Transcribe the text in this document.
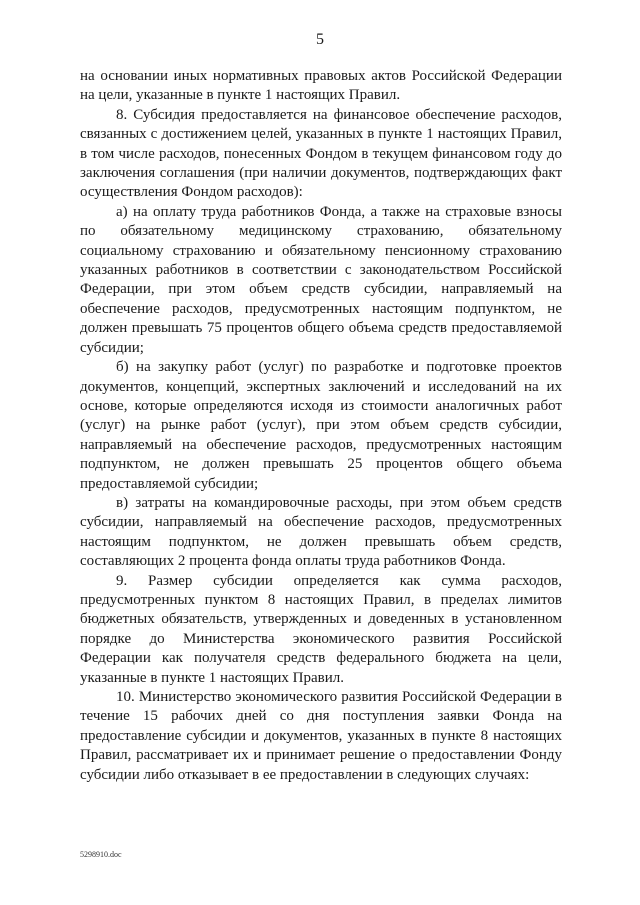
5

на основании иных нормативных правовых актов Российской Федерации на цели, указанные в пункте 1 настоящих Правил.

8. Субсидия предоставляется на финансовое обеспечение расходов, связанных с достижением целей, указанных в пункте 1 настоящих Правил, в том числе расходов, понесенных Фондом в текущем финансовом году до заключения соглашения (при наличии документов, подтверждающих факт осуществления Фондом расходов):

а) на оплату труда работников Фонда, а также на страховые взносы по обязательному медицинскому страхованию, обязательному социальному страхованию и обязательному пенсионному страхованию указанных работников в соответствии с законодательством Российской Федерации, при этом объем средств субсидии, направляемый на обеспечение расходов, предусмотренных настоящим подпунктом, не должен превышать 75 процентов общего объема средств предоставляемой субсидии;

б) на закупку работ (услуг) по разработке и подготовке проектов документов, концепций, экспертных заключений и исследований на их основе, которые определяются исходя из стоимости аналогичных работ (услуг) на рынке работ (услуг), при этом объем средств субсидии, направляемый на обеспечение расходов, предусмотренных настоящим подпунктом, не должен превышать 25 процентов общего объема предоставляемой субсидии;

в) затраты на командировочные расходы, при этом объем средств субсидии, направляемый на обеспечение расходов, предусмотренных настоящим подпунктом, не должен превышать объем средств, составляющих 2 процента фонда оплаты труда работников Фонда.

9. Размер субсидии определяется как сумма расходов, предусмотренных пунктом 8 настоящих Правил, в пределах лимитов бюджетных обязательств, утвержденных и доведенных в установленном порядке до Министерства экономического развития Российской Федерации как получателя средств федерального бюджета на цели, указанные в пункте 1 настоящих Правил.

10. Министерство экономического развития Российской Федерации в течение 15 рабочих дней со дня поступления заявки Фонда на предоставление субсидии и документов, указанных в пункте 8 настоящих Правил, рассматривает их и принимает решение о предоставлении Фонду субсидии либо отказывает в ее предоставлении в следующих случаях:

5298910.doc
